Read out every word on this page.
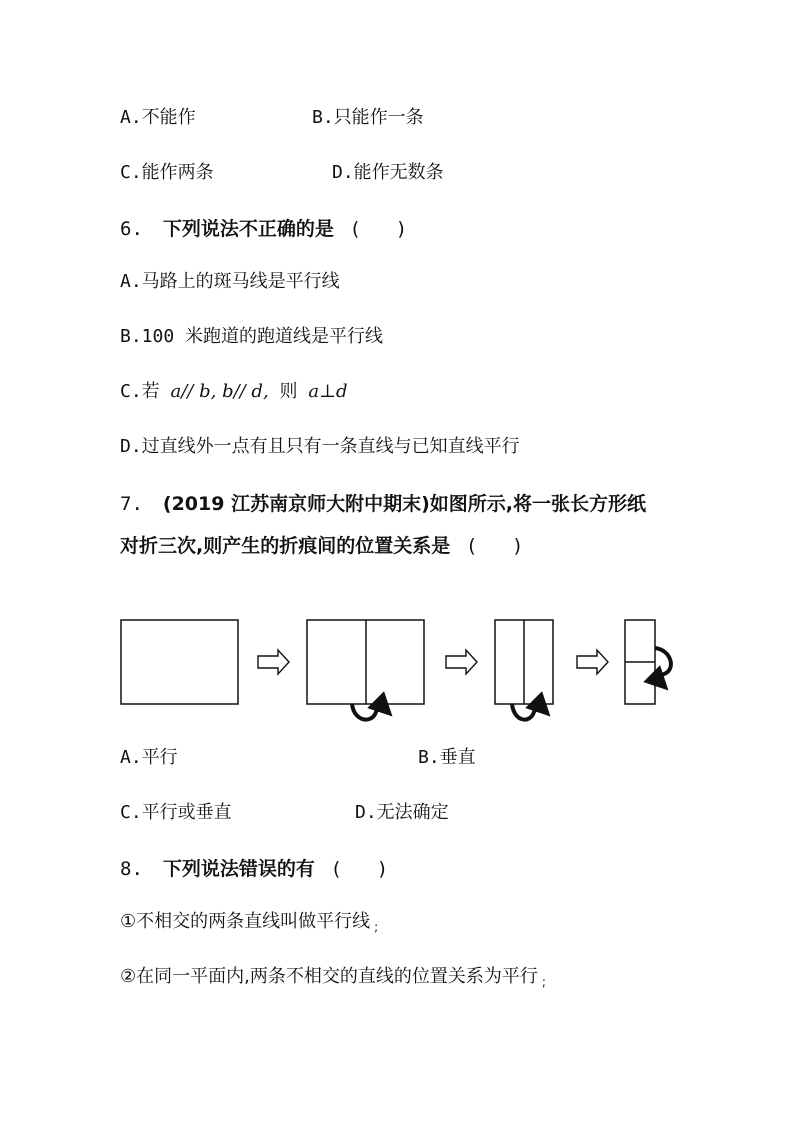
A.不能作	B.只能作一条
C.能作两条	D.能作无数条
6. 下列说法不正确的是 (　　)
A.马路上的斑马线是平行线
B.100 米跑道的跑道线是平行线
C.若 a// b, b// d, 则 a⊥d
D.过直线外一点有且只有一条直线与已知直线平行
7. (2019 江苏南京师大附中期末)如图所示,将一张长方形纸
对折三次,则产生的折痕间的位置关系是 (　　)
A.平行	B.垂直
C.平行或垂直	D.无法确定
8. 下列说法错误的有 (　　)
①不相交的两条直线叫做平行线 $_;$
②在同一平面内,两条不相交的直线的位置关系为平行 $_;$
